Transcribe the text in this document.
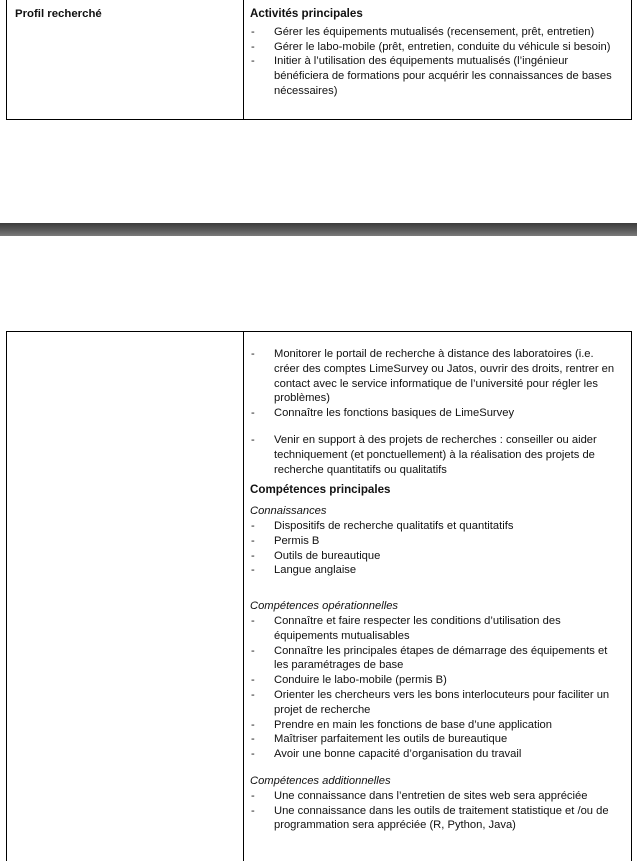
Profil recherché	Activités principales

- Gérer les équipements mutualisés (recensement, prêt, entretien)
- Gérer le labo-mobile (prêt, entretien, conduite du véhicule si besoin)
- Initier à l’utilisation des équipements mutualisés (l’ingénieur bénéficiera de formations pour acquérir les connaissances de bases nécessaires)
- Monitorer le portail de recherche à distance des laboratoires (i.e. créer des comptes LimeSurvey ou Jatos, ouvrir des droits, rentrer en contact avec le service informatique de l’université pour régler les problèmes)
- Connaître les fonctions basiques de LimeSurvey
- Venir en support à des projets de recherches : conseiller ou aider techniquement (et ponctuellement) à la réalisation des projets de recherche quantitatifs ou qualitatifs

Compétences principales

Connaissances

- Dispositifs de recherche qualitatifs et quantitatifs
- Permis B
- Outils de bureautique
- Langue anglaise

Compétences opérationnelles

- Connaître et faire respecter les conditions d’utilisation des équipements mutualisables
- Connaître les principales étapes de démarrage des équipements et les paramétrages de base
- Conduire le labo-mobile (permis B)
- Orienter les chercheurs vers les bons interlocuteurs pour faciliter un projet de recherche
- Prendre en main les fonctions de base d’une application
- Maîtriser parfaitement les outils de bureautique
- Avoir une bonne capacité d’organisation du travail

Compétences additionnelles

- Une connaissance dans l’entretien de sites web sera appréciée
- Une connaissance dans les outils de traitement statistique et /ou de programmation sera appréciée (R, Python, Java)
